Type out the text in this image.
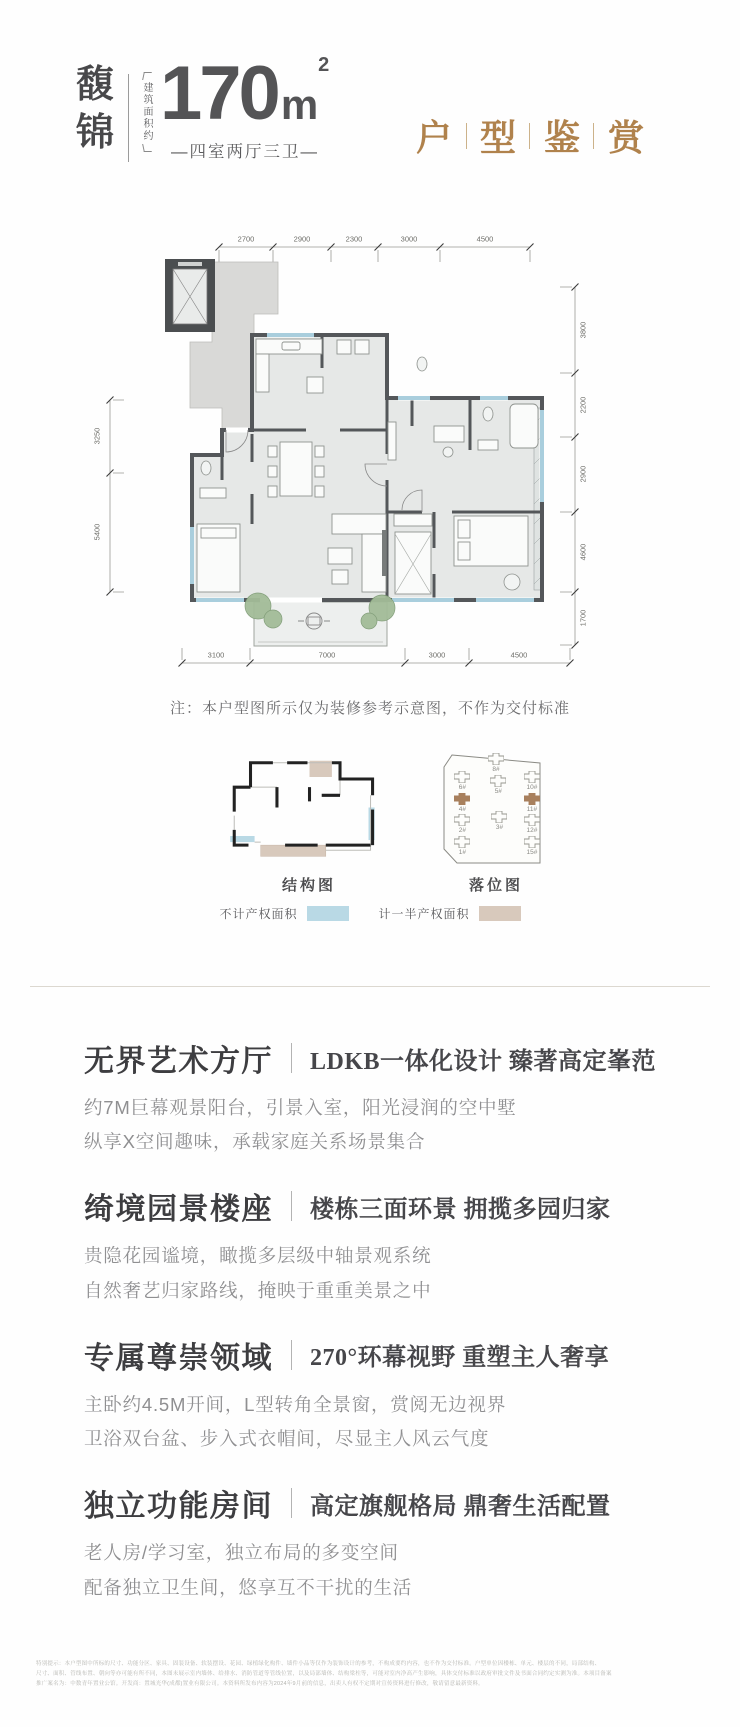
馥锦	建筑面积约 170 m
2
—四室两厅三卫—	户 型 鉴 赏
2700	2900	2300	3000	4500
3100	7000	3000	4500
3800
2200
2900
4600
1700
3250
5400
注：本户型图所示仅为装修参考示意图，不作为交付标准
结构图
8#
6#
5#
10#
4#	11#
2#
3#
12#
1#	15#
落位图
不计产权面积	计一半产权面积
无界艺术方厅 LDKB一体化设计 臻著高定峯范
约7M巨幕观景阳台，引景入室，阳光浸润的空中墅
纵享X空间趣味，承载家庭关系场景集合
绮境园景楼座 楼栋三面环景 拥揽多园归家
贵隐花园谧境，瞰揽多层级中轴景观系统
自然奢艺归家路线，掩映于重重美景之中
专属尊崇领域 270°环幕视野 重塑主人奢享
主卧约4.5M开间，L型转角全景窗，赏阅无边视界
卫浴双台盆、步入式衣帽间，尽显主人风云气度
独立功能房间 高定旗舰格局 鼎奢生活配置
老人房/学习室，独立布局的多变空间
配备独立卫生间，悠享互不干扰的生活
特别提示：本户型图中所标的尺寸、功能分区、家具、固装设备、软装摆设、花园、绿植绿化构件、墙件小品等仅作为装饰设计的参考，不构成要约内容，也不作为交付标准。户型单位因楼栋、单元、楼层的不同，局部结构、
尺寸、面积、管线布置、朝向等亦可能有所不同，本图未展示室内墙体、给排水、消防管道等管线位置，以及局部墙体、结构梁柱等，可能对室内净高产生影响，具体交付标准以政府审批文件及书面合同约定实测为准。本项目备案
推广案名为：中数青年置业公馆。开发商：置城光华(成都)置业有限公司。本资料所发布内容为2024年9月前的信息，出卖人有权不定期对宣传资料进行修改，敬请留意最新资料。
